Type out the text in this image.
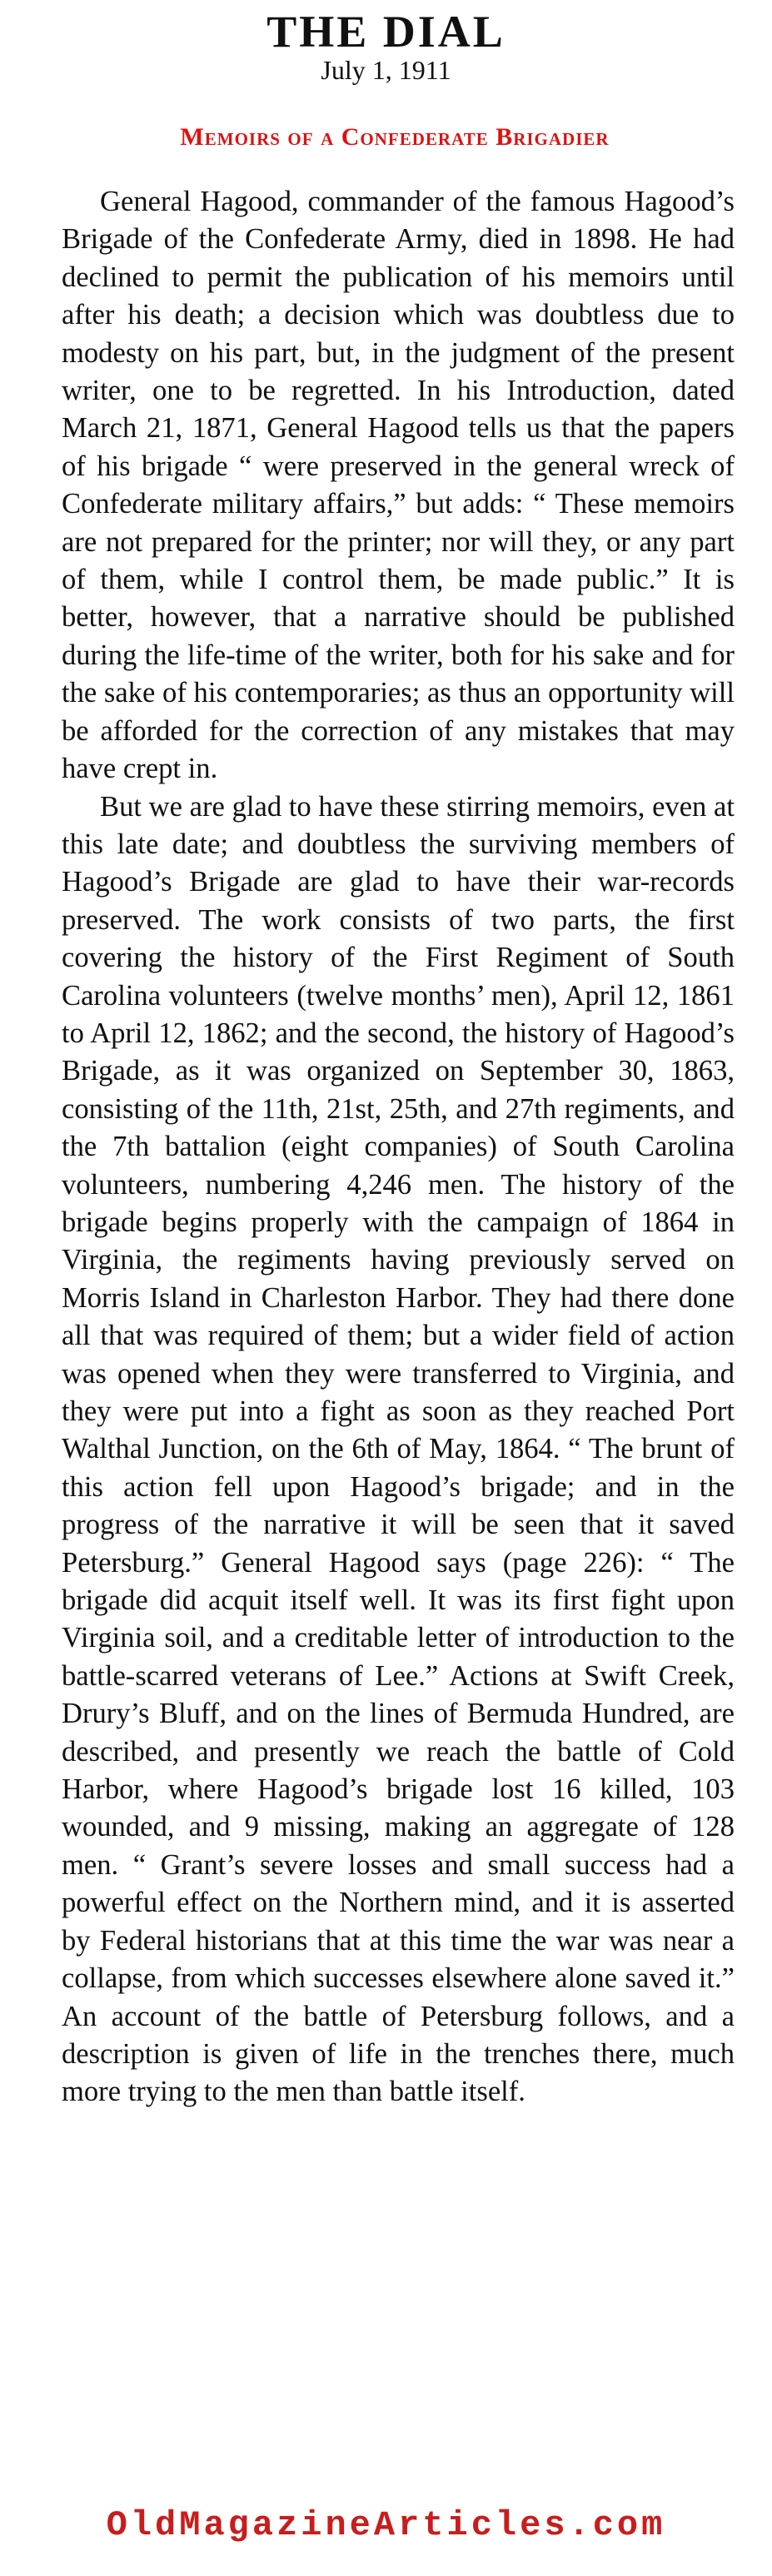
THE DIAL
July 1, 1911
Memoirs of a Confederate Brigadier

General Hagood, commander of the famous Hagood’s Brigade of the Confederate Army, died in 1898. He had declined to permit the publication of his memoirs until after his death; a decision which was doubtless due to modesty on his part, but, in the judgment of the present writer, one to be regretted. In his Introduction, dated March 21, 1871, General Hagood tells us that the papers of his brigade “ were preserved in the general wreck of Confederate military affairs,” but adds: “ These memoirs are not prepared for the printer; nor will they, or any part of them, while I control them, be made public.” It is better, however, that a narrative should be published during the life-time of the writer, both for his sake and for the sake of his contemporaries; as thus an opportunity will be afforded for the correction of any mistakes that may have crept in.

But we are glad to have these stirring memoirs, even at this late date; and doubtless the surviving members of Hagood’s Brigade are glad to have their war-records preserved. The work consists of two parts, the first covering the history of the First Regiment of South Carolina volunteers (twelve months’ men), April 12, 1861 to April 12, 1862; and the second, the history of Hagood’s Brigade, as it was organized on September 30, 1863, consisting of the 11th, 21st, 25th, and 27th regiments, and the 7th battalion (eight companies) of South Carolina volunteers, numbering 4,246 men. The history of the brigade begins properly with the campaign of 1864 in Virginia, the regiments having previously served on Morris Island in Charleston Harbor. They had there done all that was required of them; but a wider field of action was opened when they were transferred to Virginia, and they were put into a fight as soon as they reached Port Walthal Junction, on the 6th of May, 1864. “ The brunt of this action fell upon Hagood’s brigade; and in the progress of the narrative it will be seen that it saved Petersburg.” General Hagood says (page 226): “ The brigade did acquit itself well. It was its first fight upon Virginia soil, and a creditable letter of introduction to the battle-scarred veterans of Lee.” Actions at Swift Creek, Drury’s Bluff, and on the lines of Bermuda Hundred, are described, and presently we reach the battle of Cold Harbor, where Hagood’s brigade lost 16 killed, 103 wounded, and 9 missing, making an aggregate of 128 men. “ Grant’s severe losses and small success had a powerful effect on the Northern mind, and it is asserted by Federal historians that at this time the war was near a collapse, from which successes elsewhere alone saved it.” An account of the battle of Petersburg follows, and a description is given of life in the trenches there, much more trying to the men than battle itself.

OldMagazineArticles.com
